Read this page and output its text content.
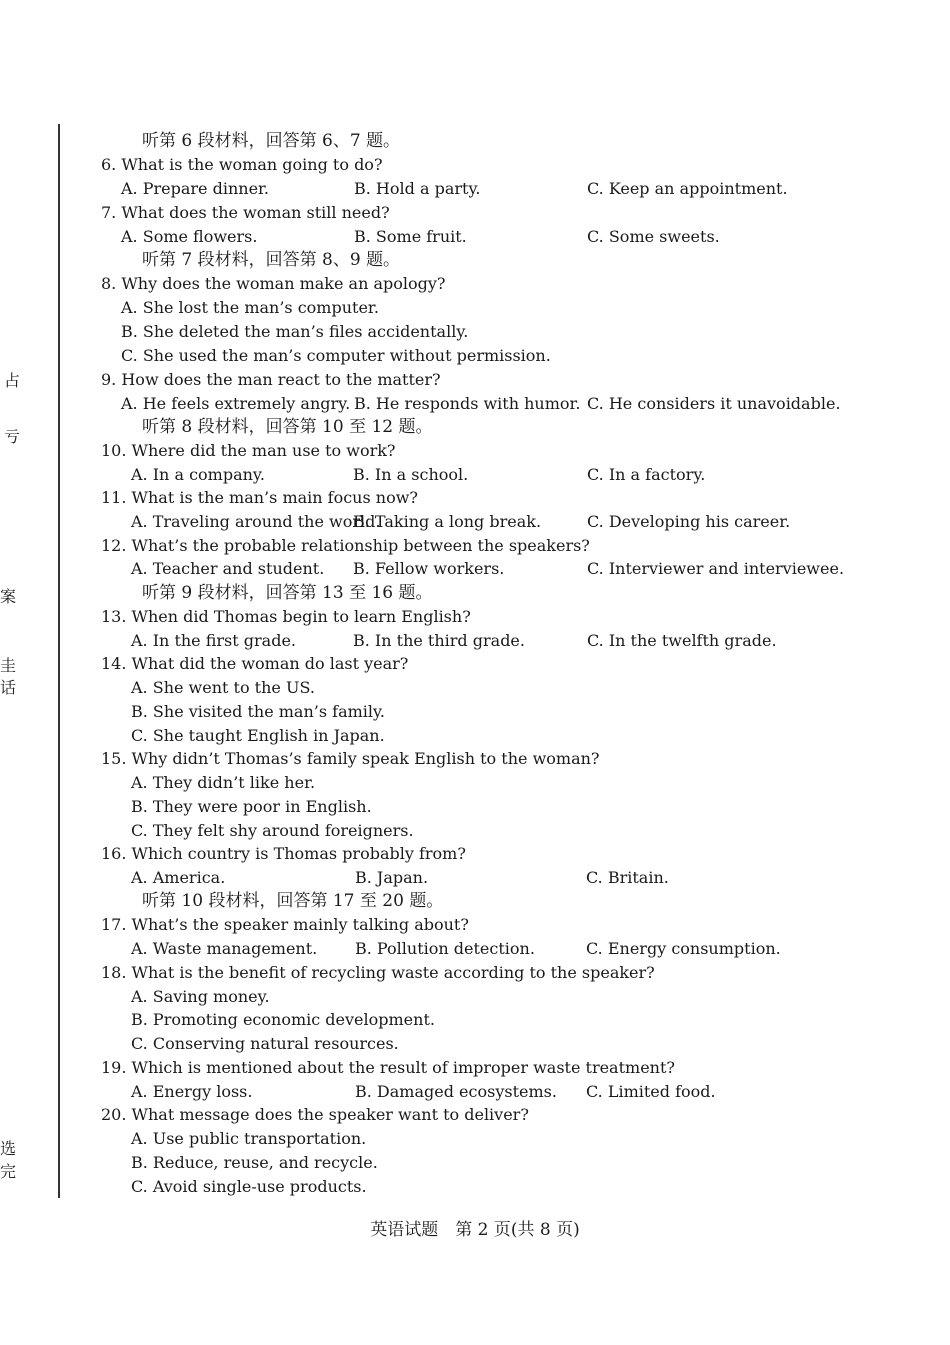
占
亏
案
圭
话
选
完
听第 6 段材料，回答第 6、7 题。
6. What is the woman going to do?
A. Prepare dinner.	B. Hold a party.	C. Keep an appointment.
7. What does the woman still need?
A. Some flowers.	B. Some fruit.	C. Some sweets.
听第 7 段材料，回答第 8、9 题。
8. Why does the woman make an apology?
A. She lost the man’s computer.
B. She deleted the man’s files accidentally.
C. She used the man’s computer without permission.
9. How does the man react to the matter?
A. He feels extremely angry. B. He responds with humor. C. He considers it unavoidable.
听第 8 段材料，回答第 10 至 12 题。
10. Where did the man use to work?
A. In a company.	B. In a school.	C. In a factory.
11. What is the man’s main focus now?
A. Traveling around the world.
B. Taking a long break.	C. Developing his career.
12. What’s the probable relationship between the speakers?
A. Teacher and student. B. Fellow workers.	C. Interviewer and interviewee.
听第 9 段材料，回答第 13 至 16 题。
13. When did Thomas begin to learn English?
A. In the first grade.	B. In the third grade.	C. In the twelfth grade.
14. What did the woman do last year?
A. She went to the US.
B. She visited the man’s family.
C. She taught English in Japan.
15. Why didn’t Thomas’s family speak English to the woman?
A. They didn’t like her.
B. They were poor in English.
C. They felt shy around foreigners.
16. Which country is Thomas probably from?
A. America.	B. Japan.	C. Britain.
听第 10 段材料，回答第 17 至 20 题。
17. What’s the speaker mainly talking about?
A. Waste management. B. Pollution detection.	C. Energy consumption.
18. What is the benefit of recycling waste according to the speaker?
A. Saving money.
B. Promoting economic development.
C. Conserving natural resources.
19. Which is mentioned about the result of improper waste treatment?
A. Energy loss.	B. Damaged ecosystems. C. Limited food.
20. What message does the speaker want to deliver?
A. Use public transportation.
B. Reduce, reuse, and recycle.
C. Avoid single-use products.
英语试题　第 2 页(共 8 页)
